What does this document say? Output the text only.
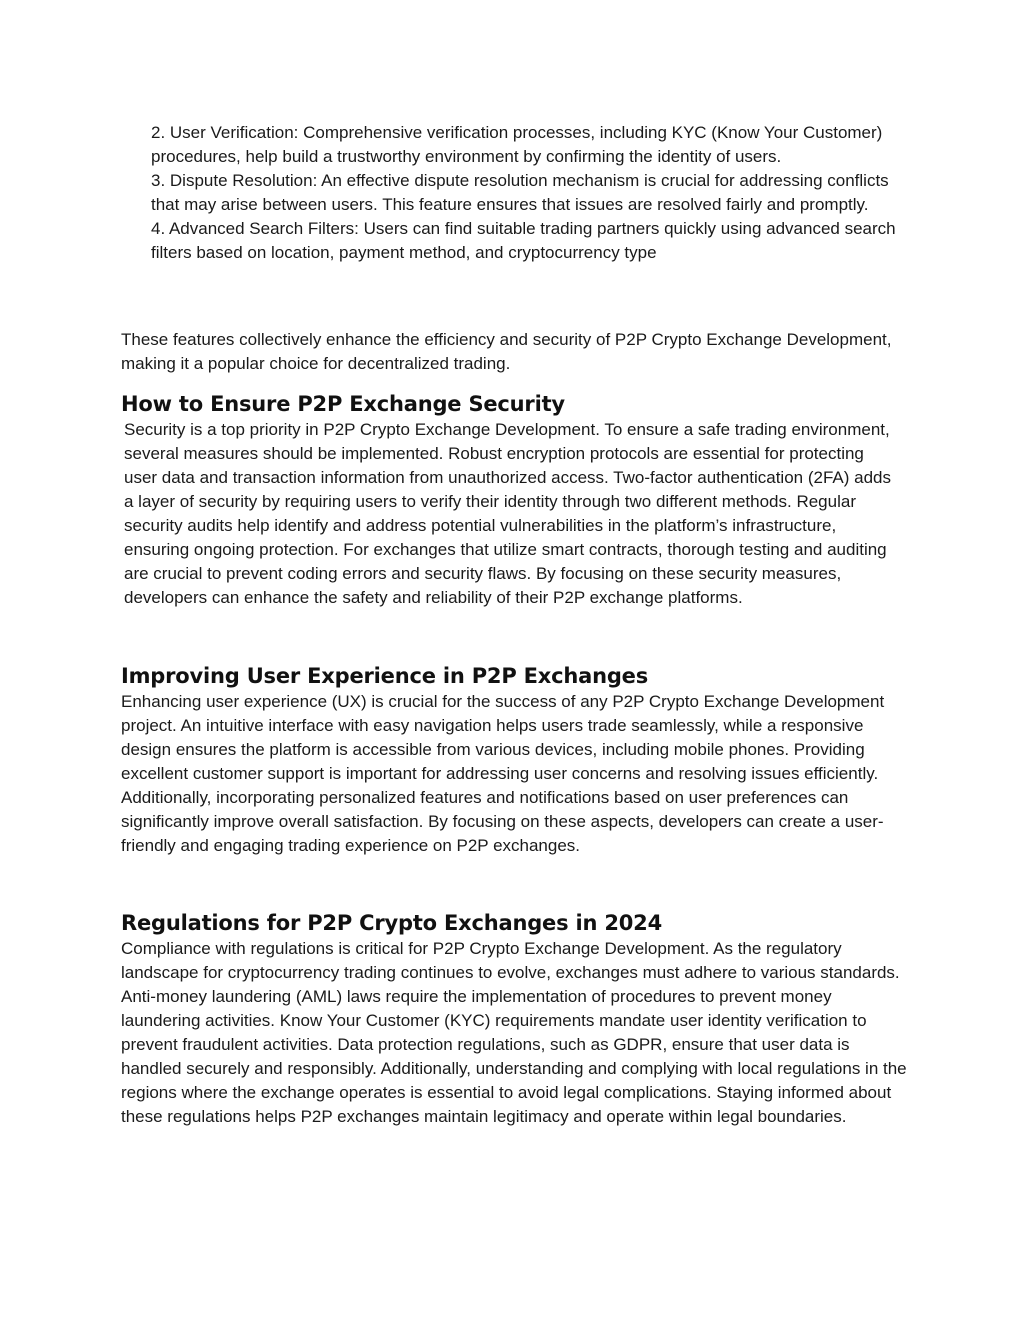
2. User Verification: Comprehensive verification processes, including KYC (Know Your Customer) procedures, help build a trustworthy environment by confirming the identity of users.
3. Dispute Resolution: An effective dispute resolution mechanism is crucial for addressing conflicts that may arise between users. This feature ensures that issues are resolved fairly and promptly.
4. Advanced Search Filters: Users can find suitable trading partners quickly using advanced search filters based on location, payment method, and cryptocurrency type

These features collectively enhance the efficiency and security of P2P Crypto Exchange Development, making it a popular choice for decentralized trading.

How to Ensure P2P Exchange Security

Security is a top priority in P2P Crypto Exchange Development. To ensure a safe trading environment, several measures should be implemented. Robust encryption protocols are essential for protecting user data and transaction information from unauthorized access. Two-factor authentication (2FA) adds a layer of security by requiring users to verify their identity through two different methods. Regular security audits help identify and address potential vulnerabilities in the platform’s infrastructure, ensuring ongoing protection. For exchanges that utilize smart contracts, thorough testing and auditing are crucial to prevent coding errors and security flaws. By focusing on these security measures, developers can enhance the safety and reliability of their P2P exchange platforms.

Improving User Experience in P2P Exchanges

Enhancing user experience (UX) is crucial for the success of any P2P Crypto Exchange Development project. An intuitive interface with easy navigation helps users trade seamlessly, while a responsive design ensures the platform is accessible from various devices, including mobile phones. Providing excellent customer support is important for addressing user concerns and resolving issues efficiently. Additionally, incorporating personalized features and notifications based on user preferences can significantly improve overall satisfaction. By focusing on these aspects, developers can create a user-friendly and engaging trading experience on P2P exchanges.

Regulations for P2P Crypto Exchanges in 2024

Compliance with regulations is critical for P2P Crypto Exchange Development. As the regulatory landscape for cryptocurrency trading continues to evolve, exchanges must adhere to various standards. Anti-money laundering (AML) laws require the implementation of procedures to prevent money laundering activities. Know Your Customer (KYC) requirements mandate user identity verification to prevent fraudulent activities. Data protection regulations, such as GDPR, ensure that user data is handled securely and responsibly. Additionally, understanding and complying with local regulations in the regions where the exchange operates is essential to avoid legal complications. Staying informed about these regulations helps P2P exchanges maintain legitimacy and operate within legal boundaries.
